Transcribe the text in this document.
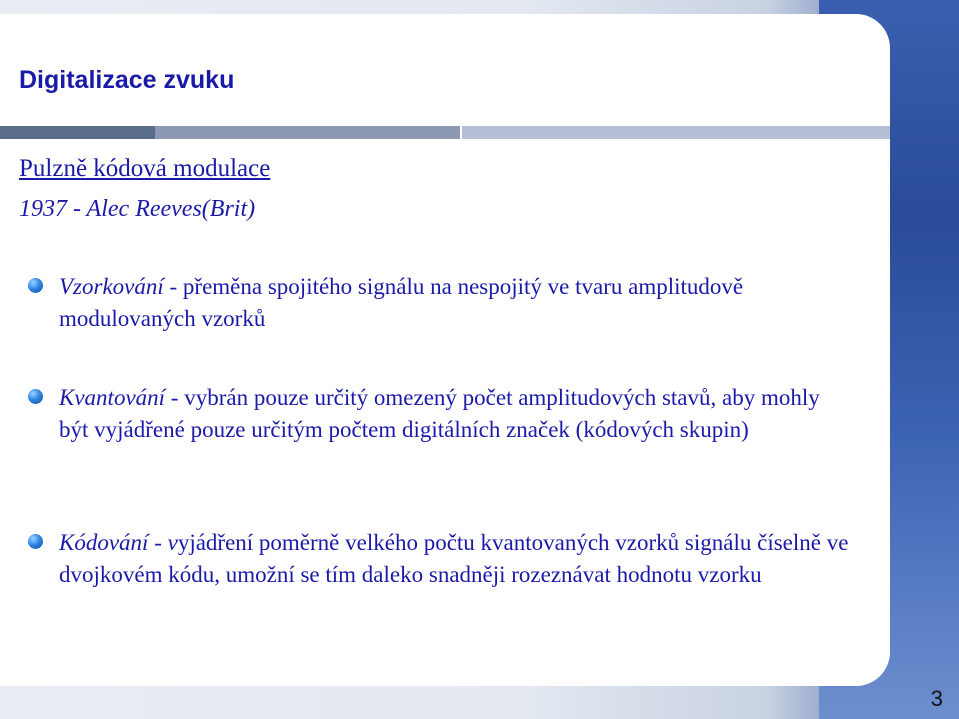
Digitalizace zvuku

Pulzně kódová modulace

1937 - Alec Reeves(Brit)

Vzorkování - přeměna spojitého signálu na nespojitý ve tvaru amplitudově modulovaných vzorků
Kvantování - vybrán pouze určitý omezený počet amplitudových stavů, aby mohly být vyjádřené pouze určitým počtem digitálních značek (kódových skupin)
Kódování - vyjádření poměrně velkého počtu kvantovaných vzorků signálu číselně ve dvojkovém kódu, umožní se tím daleko snadněji rozeznávat hodnotu vzorku
3
